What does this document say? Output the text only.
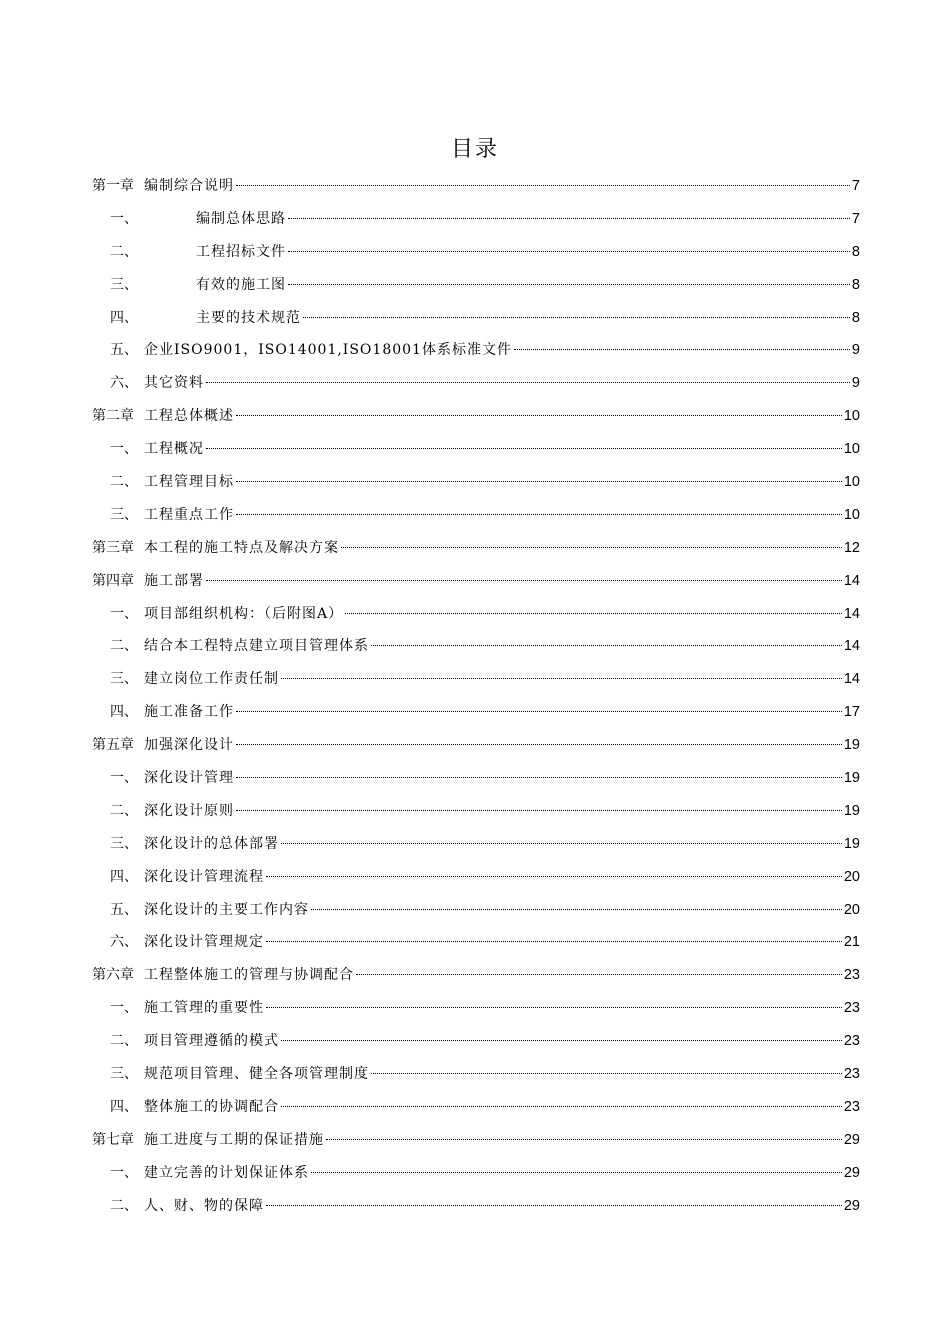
目录
第一章 编制综合说明	7
一、	编制总体思路	7
二、	工程招标文件	8
三、	有效的施工图	8
四、	主要的技术规范	8
五、 企业ISO9001，ISO14001,ISO18001体系标准文件	9
六、 其它资料	9
第二章 工程总体概述	10
一、 工程概况	10
二、 工程管理目标	10
三、 工程重点工作	10
第三章 本工程的施工特点及解决方案	12
第四章 施工部署	14
一、 项目部组织机构：（后附图A）	14
二、 结合本工程特点建立项目管理体系	14
三、 建立岗位工作责任制	14
四、 施工准备工作	17
第五章 加强深化设计	19
一、 深化设计管理	19
二、 深化设计原则	19
三、 深化设计的总体部署	19
四、 深化设计管理流程	20
五、 深化设计的主要工作内容	20
六、 深化设计管理规定	21
第六章 工程整体施工的管理与协调配合	23
一、 施工管理的重要性	23
二、 项目管理遵循的模式	23
三、 规范项目管理、健全各项管理制度	23
四、 整体施工的协调配合	23
第七章 施工进度与工期的保证措施	29
一、 建立完善的计划保证体系	29
二、 人、财、物的保障	29
